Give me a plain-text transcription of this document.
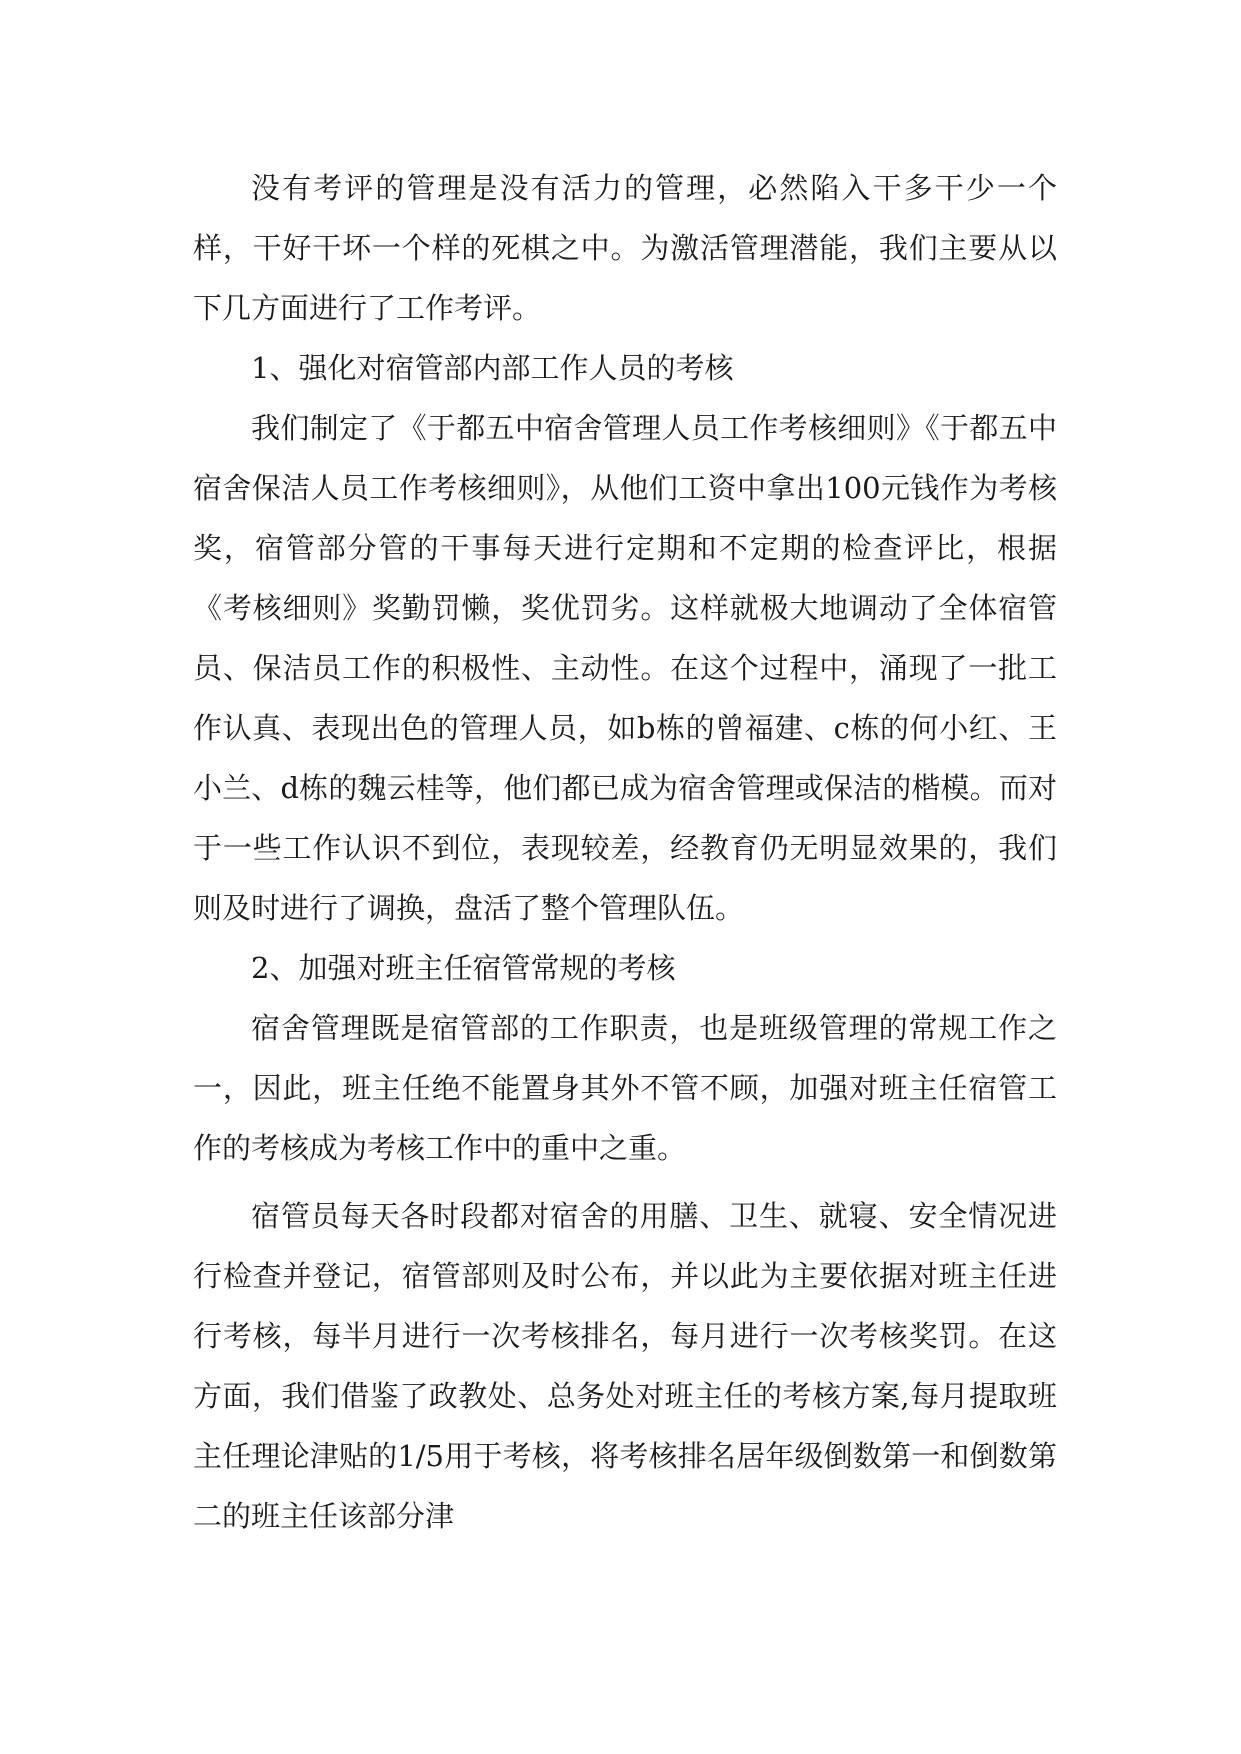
没有考评的管理是没有活力的管理，必然陷入干多干少一个样，干好干坏一个样的死棋之中。为激活管理潜能，我们主要从以下几方面进行了工作考评。

1、强化对宿管部内部工作人员的考核

我们制定了《于都五中宿舍管理人员工作考核细则》《于都五中宿舍保洁人员工作考核细则》，从他们工资中拿出100元钱作为考核奖，宿管部分管的干事每天进行定期和不定期的检查评比，根据《考核细则》奖勤罚懒，奖优罚劣。这样就极大地调动了全体宿管员、保洁员工作的积极性、主动性。在这个过程中，涌现了一批工作认真、表现出色的管理人员，如b栋的曾福建、c栋的何小红、王小兰、d栋的魏云桂等，他们都已成为宿舍管理或保洁的楷模。而对于一些工作认识不到位，表现较差，经教育仍无明显效果的，我们则及时进行了调换，盘活了整个管理队伍。

2、加强对班主任宿管常规的考核

宿舍管理既是宿管部的工作职责，也是班级管理的常规工作之一，因此，班主任绝不能置身其外不管不顾，加强对班主任宿管工作的考核成为考核工作中的重中之重。

宿管员每天各时段都对宿舍的用膳、卫生、就寝、安全情况进行检查并登记，宿管部则及时公布，并以此为主要依据对班主任进行考核，每半月进行一次考核排名，每月进行一次考核奖罚。在这方面，我们借鉴了政教处、总务处对班主任的考核方案,每月提取班主任理论津贴的1/5用于考核，将考核排名居年级倒数第一和倒数第二的班主任该部分津
